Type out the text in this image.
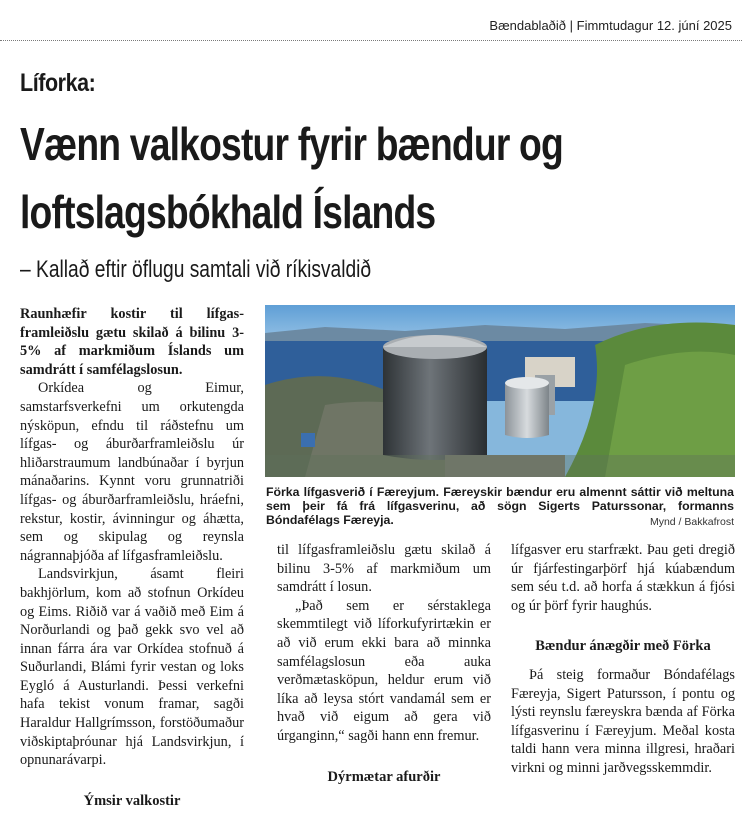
Bændablaðið | Fimmtudagur 12. júní 2025
Líforka:
Vænn valkostur fyrir bændur og loftslagsbókhald Íslands
– Kallað eftir öflugu samtali við ríkisvaldið

Raunhæfir kostir til lífgas-framleiðslu gætu skilað á bilinu 3-5% af markmiðum Íslands um samdrátt í samfélagslosun.

Orkídea og Eimur, samstarfsverkefni um orkutengda nýsköpun, efndu til ráðstefnu um lífgas- og áburðarframleiðslu úr hliðarstraumum landbúnaðar í byrjun mánaðarins. Kynnt voru grunnatriði lífgas- og áburðarframleiðslu, hráefni, rekstur, kostir, ávinningur og áhætta, sem og skipulag og reynsla nágrannaþjóða af lífgasframleiðslu.

Landsvirkjun, ásamt fleiri bakhjörlum, kom að stofnun Orkídeu og Eims. Riðið var á vaðið með Eim á Norðurlandi og það gekk svo vel að innan fárra ára var Orkídea stofnuð á Suðurlandi, Blámi fyrir vestan og loks Eygló á Austurlandi. Þessi verkefni hafa tekist vonum framar, sagði Haraldur Hallgrímsson, forstöðumaður viðskiptaþróunar hjá Landsvirkjun, í opnunarávarpi.

Ýmsir valkostir
Förka lífgasverið í Færeyjum. Færeyskir bændur eru almennt sáttir við meltuna sem þeir fá frá lífgasverinu, að sögn Sigerts Paturssonar, formanns Bóndafélags Færeyja.	Mynd / Bakkafrost

til lífgasframleiðslu gætu skilað á bilinu 3-5% af markmiðum um samdrátt í losun.

„Það sem er sérstaklega skemmtilegt við líforkufyrirtækin er að við erum ekki bara að minnka samfélagslosun eða auka verðmætasköpun, heldur erum við líka að leysa stórt vandamál sem er hvað við eigum að gera við úrganginn,“ sagði hann enn fremur.

Dýrmætar afurðir

lífgasver eru starfrækt. Þau geti dregið úr fjárfestingarþörf hjá kúabændum sem séu t.d. að horfa á stækkun á fjósi og úr þörf fyrir haughús.

Bændur ánægðir með Förka

Þá steig formaður Bóndafélags Færeyja, Sigert Patursson, í pontu og lýsti reynslu færeyskra bænda af Förka lífgasverinu í Færeyjum. Meðal kosta taldi hann vera minna illgresi, hraðari virkni og minni jarðvegsskemmdir.
